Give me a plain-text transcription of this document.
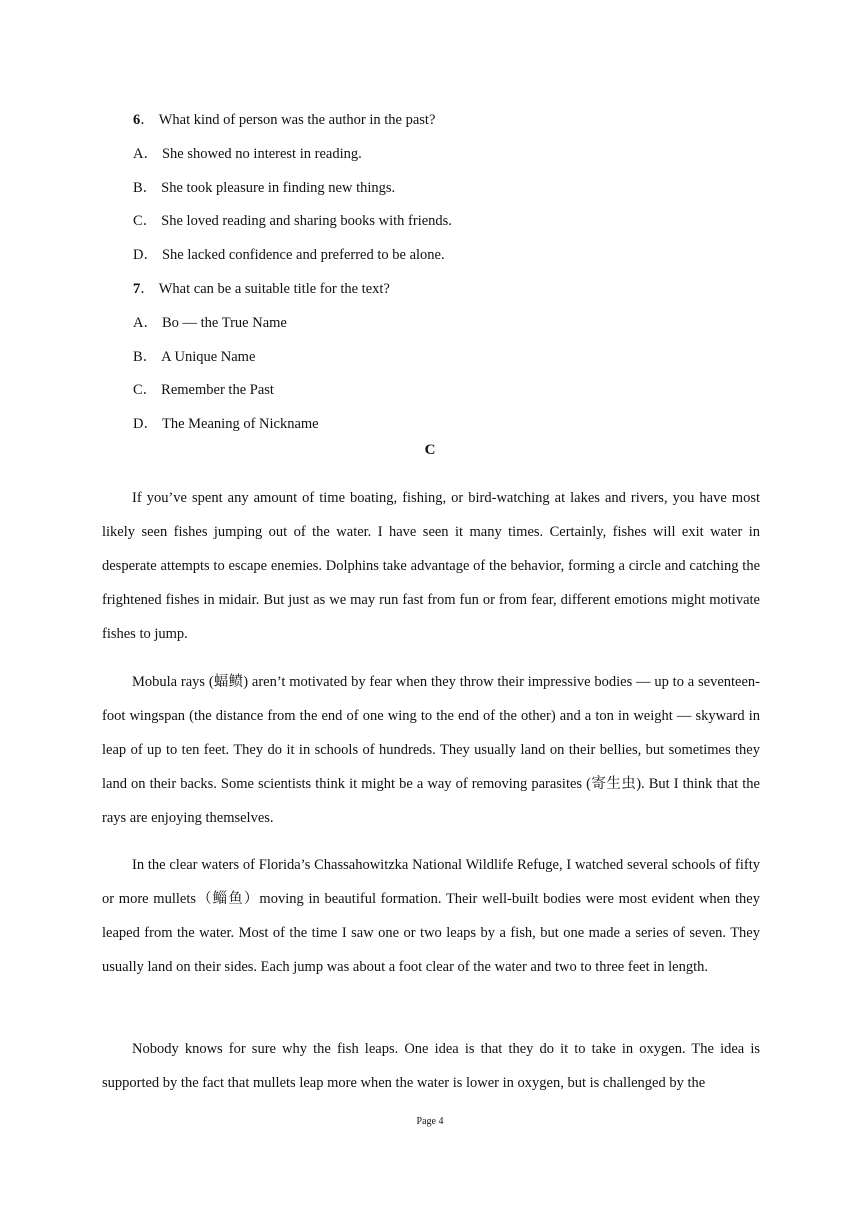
6． What kind of person was the author in the past?
A． She showed no interest in reading.
B． She took pleasure in finding new things.
C． She loved reading and sharing books with friends.
D． She lacked confidence and preferred to be alone.
7． What can be a suitable title for the text?
A． Bo — the True Name
B． A Unique Name
C． Remember the Past
D． The Meaning of Nickname
C

If you’ve spent any amount of time boating, fishing, or bird-watching at lakes and rivers, you have most likely seen fishes jumping out of the water. I have seen it many times. Certainly, fishes will exit water in desperate attempts to escape enemies. Dolphins take advantage of the behavior, forming a circle and catching the frightened fishes in midair. But just as we may run fast from fun or from fear, different emotions might motivate fishes to jump.

Mobula rays (蝠鲼) aren’t motivated by fear when they throw their impressive bodies — up to a seventeen-foot wingspan (the distance from the end of one wing to the end of the other) and a ton in weight — skyward in leap of up to ten feet. They do it in schools of hundreds. They usually land on their bellies, but sometimes they land on their backs. Some scientists think it might be a way of removing parasites (寄生虫). But I think that the rays are enjoying themselves.

In the clear waters of Florida’s Chassahowitzka National Wildlife Refuge, I watched several schools of fifty or more mullets（鲻鱼）moving in beautiful formation. Their well-built bodies were most evident when they leaped from the water. Most of the time I saw one or two leaps by a fish, but one made a series of seven. They usually land on their sides. Each jump was about a foot clear of the water and two to three feet in length.

Nobody knows for sure why the fish leaps. One idea is that they do it to take in oxygen. The idea is supported by the fact that mullets leap more when the water is lower in oxygen, but is challenged by the

Page 4
